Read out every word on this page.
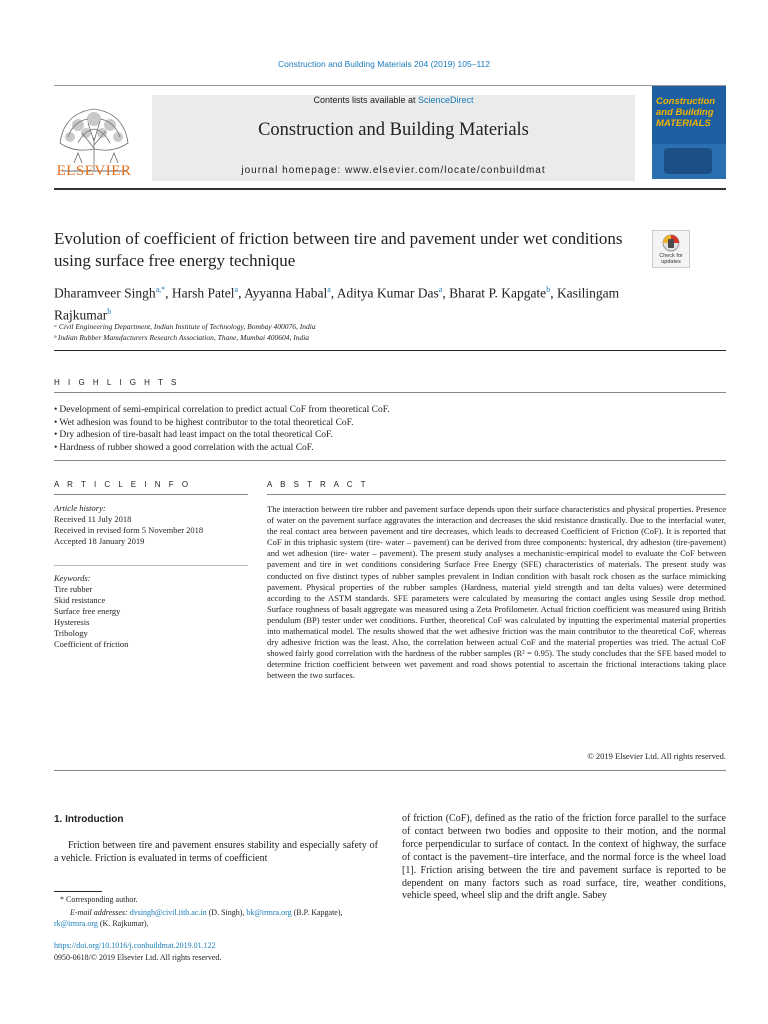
Construction and Building Materials 204 (2019) 105–112
ELSEVIER
Contents lists available at ScienceDirect
Construction and Building Materials
journal homepage: www.elsevier.com/locate/conbuildmat
Construction and Building MATERIALS
Evolution of coefficient of friction between tire and pavement under wet conditions using surface free energy technique	Check for updates
Dharamveer Singh$^{a,*}$, Harsh Patel$^a$, Ayyanna Habal$^a$, Aditya Kumar Das$^a$, Bharat P. Kapgate$^b$, Kasilingam Rajkumar$^b$
ᵃ Civil Engineering Department, Indian Institute of Technology, Bombay 400076, India
ᵇ Indian Rubber Manufacturers Research Association, Thane, Mumbai 400604, India
H I G H L I G H T S
• Development of semi-empirical correlation to predict actual CoF from theoretical CoF.
• Wet adhesion was found to be highest contributor to the total theoretical CoF.
• Dry adhesion of tire-basalt had least impact on the total theoretical CoF.
• Hardness of rubber showed a good correlation with the actual CoF.
A R T I C L E I N F O
Article history:
Received 11 July 2018
Received in revised form 5 November 2018
Accepted 18 January 2019
Keywords:
Tire rubber
Skid resistance
Surface free energy
Hysteresis
Tribology
Coefficient of friction
A B S T R A C T
The interaction between tire rubber and pavement surface depends upon their surface characteristics and physical properties. Presence of water on the pavement surface aggravates the interaction and decreases the skid resistance drastically. Due to the interfacial water, the real contact area between pavement and tire decreases, which leads to decreased Coefficient of Friction (CoF). It is reported that CoF in this triphasic system (tire- water – pavement) can be derived from three components: hysterical, dry adhesion (tire-pavement) and wet adhesion (tire- water – pavement). The present study analyses a mechanistic-empirical model to evaluate the CoF between pavement and tire in wet conditions considering Surface Free Energy (SFE) characteristics of materials. The present study was conducted on five distinct types of rubber samples prevalent in Indian condition with basalt rock chosen as the surface mimicking pavement. Physical properties of the rubber samples (Hardness, material yield strength and tan delta values) were determined according to the ASTM standards. SFE parameters were calculated by measuring the contact angles using Sessile drop method. Surface roughness of basalt aggregate was measured using a Zeta Profilometer. Actual friction coefficient was measured using British pendulum (BP) tester under wet conditions. Further, theoretical CoF was calculated by inputting the experimental material properties into mathematical model. The results showed that the wet adhesive friction was the main contributor to the theoretical CoF, whereas dry adhesive friction was the least. Also, the correlation between actual CoF and the material properties was tried. The actual CoF showed fairly good correlation with the hardness of the rubber samples (R² = 0.95). The study concludes that the SFE based model to determine friction coefficient between wet pavement and road shows potential to ascertain the frictional interactions taking place between the two surfaces.
© 2019 Elsevier Ltd. All rights reserved.
1. Introduction
Friction between tire and pavement ensures stability and especially safety of a vehicle. Friction is evaluated in terms of coefficient
of friction (CoF), defined as the ratio of the friction force parallel to the surface of contact between two bodies and opposite to their motion, and the normal force perpendicular to surface of contact. In the context of highway, the surface of contact is the pavement–tire interface, and the normal force is the wheel load [1]. Friction arising between the tire and pavement surface is reported to be dependent on many factors such as road surface, tire, weather conditions, vehicle speed, wheel slip and the drift angle. Sabey
* Corresponding author.
E-mail addresses: dvsingh@civil.iitb.ac.in (D. Singh), bk@irmra.org (B.P. Kapgate), rk@irmra.org (K. Rajkumar).
https://doi.org/10.1016/j.conbuildmat.2019.01.122
0950-0618/© 2019 Elsevier Ltd. All rights reserved.
